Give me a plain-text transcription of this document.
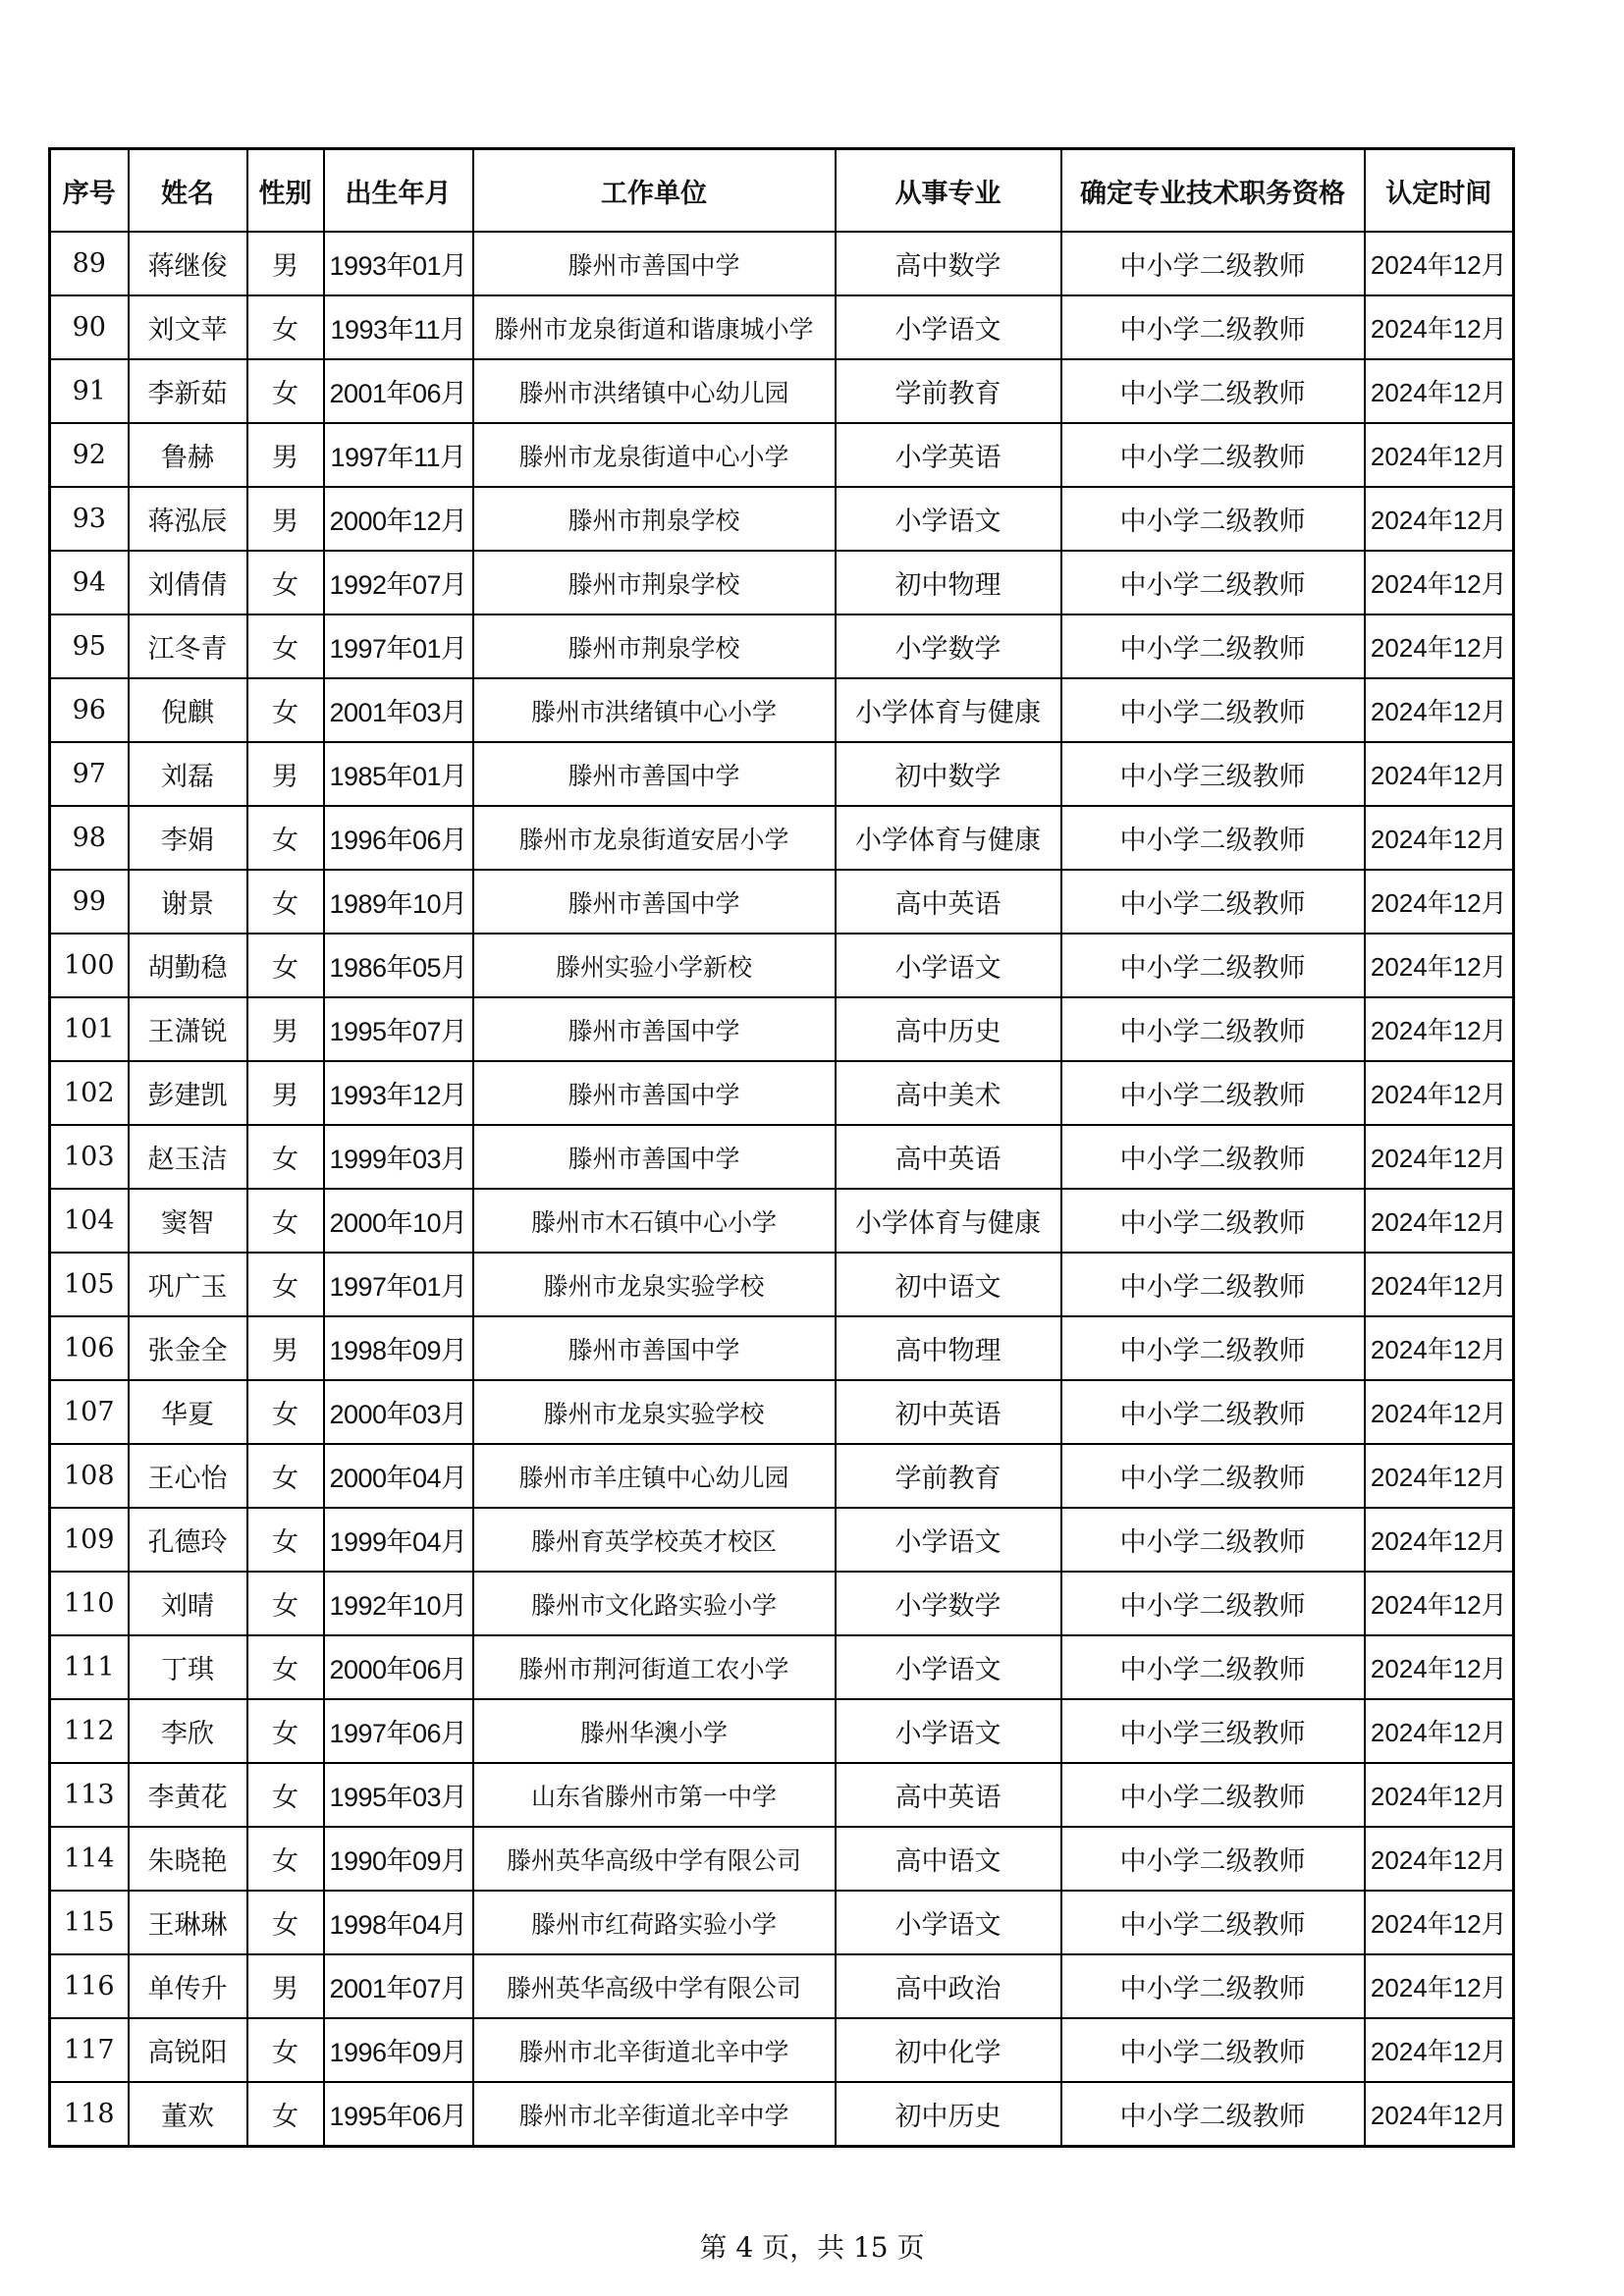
序号	姓名	性别	出生年月	工作单位	从事专业	确定专业技术职务资格	认定时间
89	蒋继俊	男	1993年01月	滕州市善国中学	高中数学	中小学二级教师	2024年12月
90	刘文苹	女	1993年11月	滕州市龙泉街道和谐康城小学	小学语文	中小学二级教师	2024年12月
91	李新茹	女	2001年06月	滕州市洪绪镇中心幼儿园	学前教育	中小学二级教师	2024年12月
92	鲁赫	男	1997年11月	滕州市龙泉街道中心小学	小学英语	中小学二级教师	2024年12月
93	蒋泓辰	男	2000年12月	滕州市荆泉学校	小学语文	中小学二级教师	2024年12月
94	刘倩倩	女	1992年07月	滕州市荆泉学校	初中物理	中小学二级教师	2024年12月
95	江冬青	女	1997年01月	滕州市荆泉学校	小学数学	中小学二级教师	2024年12月
96	倪麒	女	2001年03月	滕州市洪绪镇中心小学	小学体育与健康	中小学二级教师	2024年12月
97	刘磊	男	1985年01月	滕州市善国中学	初中数学	中小学三级教师	2024年12月
98	李娟	女	1996年06月	滕州市龙泉街道安居小学	小学体育与健康	中小学二级教师	2024年12月
99	谢景	女	1989年10月	滕州市善国中学	高中英语	中小学二级教师	2024年12月
100	胡勤稳	女	1986年05月	滕州实验小学新校	小学语文	中小学二级教师	2024年12月
101	王潇锐	男	1995年07月	滕州市善国中学	高中历史	中小学二级教师	2024年12月
102	彭建凯	男	1993年12月	滕州市善国中学	高中美术	中小学二级教师	2024年12月
103	赵玉洁	女	1999年03月	滕州市善国中学	高中英语	中小学二级教师	2024年12月
104	窦智	女	2000年10月	滕州市木石镇中心小学	小学体育与健康	中小学二级教师	2024年12月
105	巩广玉	女	1997年01月	滕州市龙泉实验学校	初中语文	中小学二级教师	2024年12月
106	张金全	男	1998年09月	滕州市善国中学	高中物理	中小学二级教师	2024年12月
107	华夏	女	2000年03月	滕州市龙泉实验学校	初中英语	中小学二级教师	2024年12月
108	王心怡	女	2000年04月	滕州市羊庄镇中心幼儿园	学前教育	中小学二级教师	2024年12月
109	孔德玲	女	1999年04月	滕州育英学校英才校区	小学语文	中小学二级教师	2024年12月
110	刘晴	女	1992年10月	滕州市文化路实验小学	小学数学	中小学二级教师	2024年12月
111	丁琪	女	2000年06月	滕州市荆河街道工农小学	小学语文	中小学二级教师	2024年12月
112	李欣	女	1997年06月	滕州华澳小学	小学语文	中小学三级教师	2024年12月
113	李黄花	女	1995年03月	山东省滕州市第一中学	高中英语	中小学二级教师	2024年12月
114	朱晓艳	女	1990年09月	滕州英华高级中学有限公司	高中语文	中小学二级教师	2024年12月
115	王琳琳	女	1998年04月	滕州市红荷路实验小学	小学语文	中小学二级教师	2024年12月
116	单传升	男	2001年07月	滕州英华高级中学有限公司	高中政治	中小学二级教师	2024年12月
117	高锐阳	女	1996年09月	滕州市北辛街道北辛中学	初中化学	中小学二级教师	2024年12月
118	董欢	女	1995年06月	滕州市北辛街道北辛中学	初中历史	中小学二级教师	2024年12月
第 4 页，共 15 页
